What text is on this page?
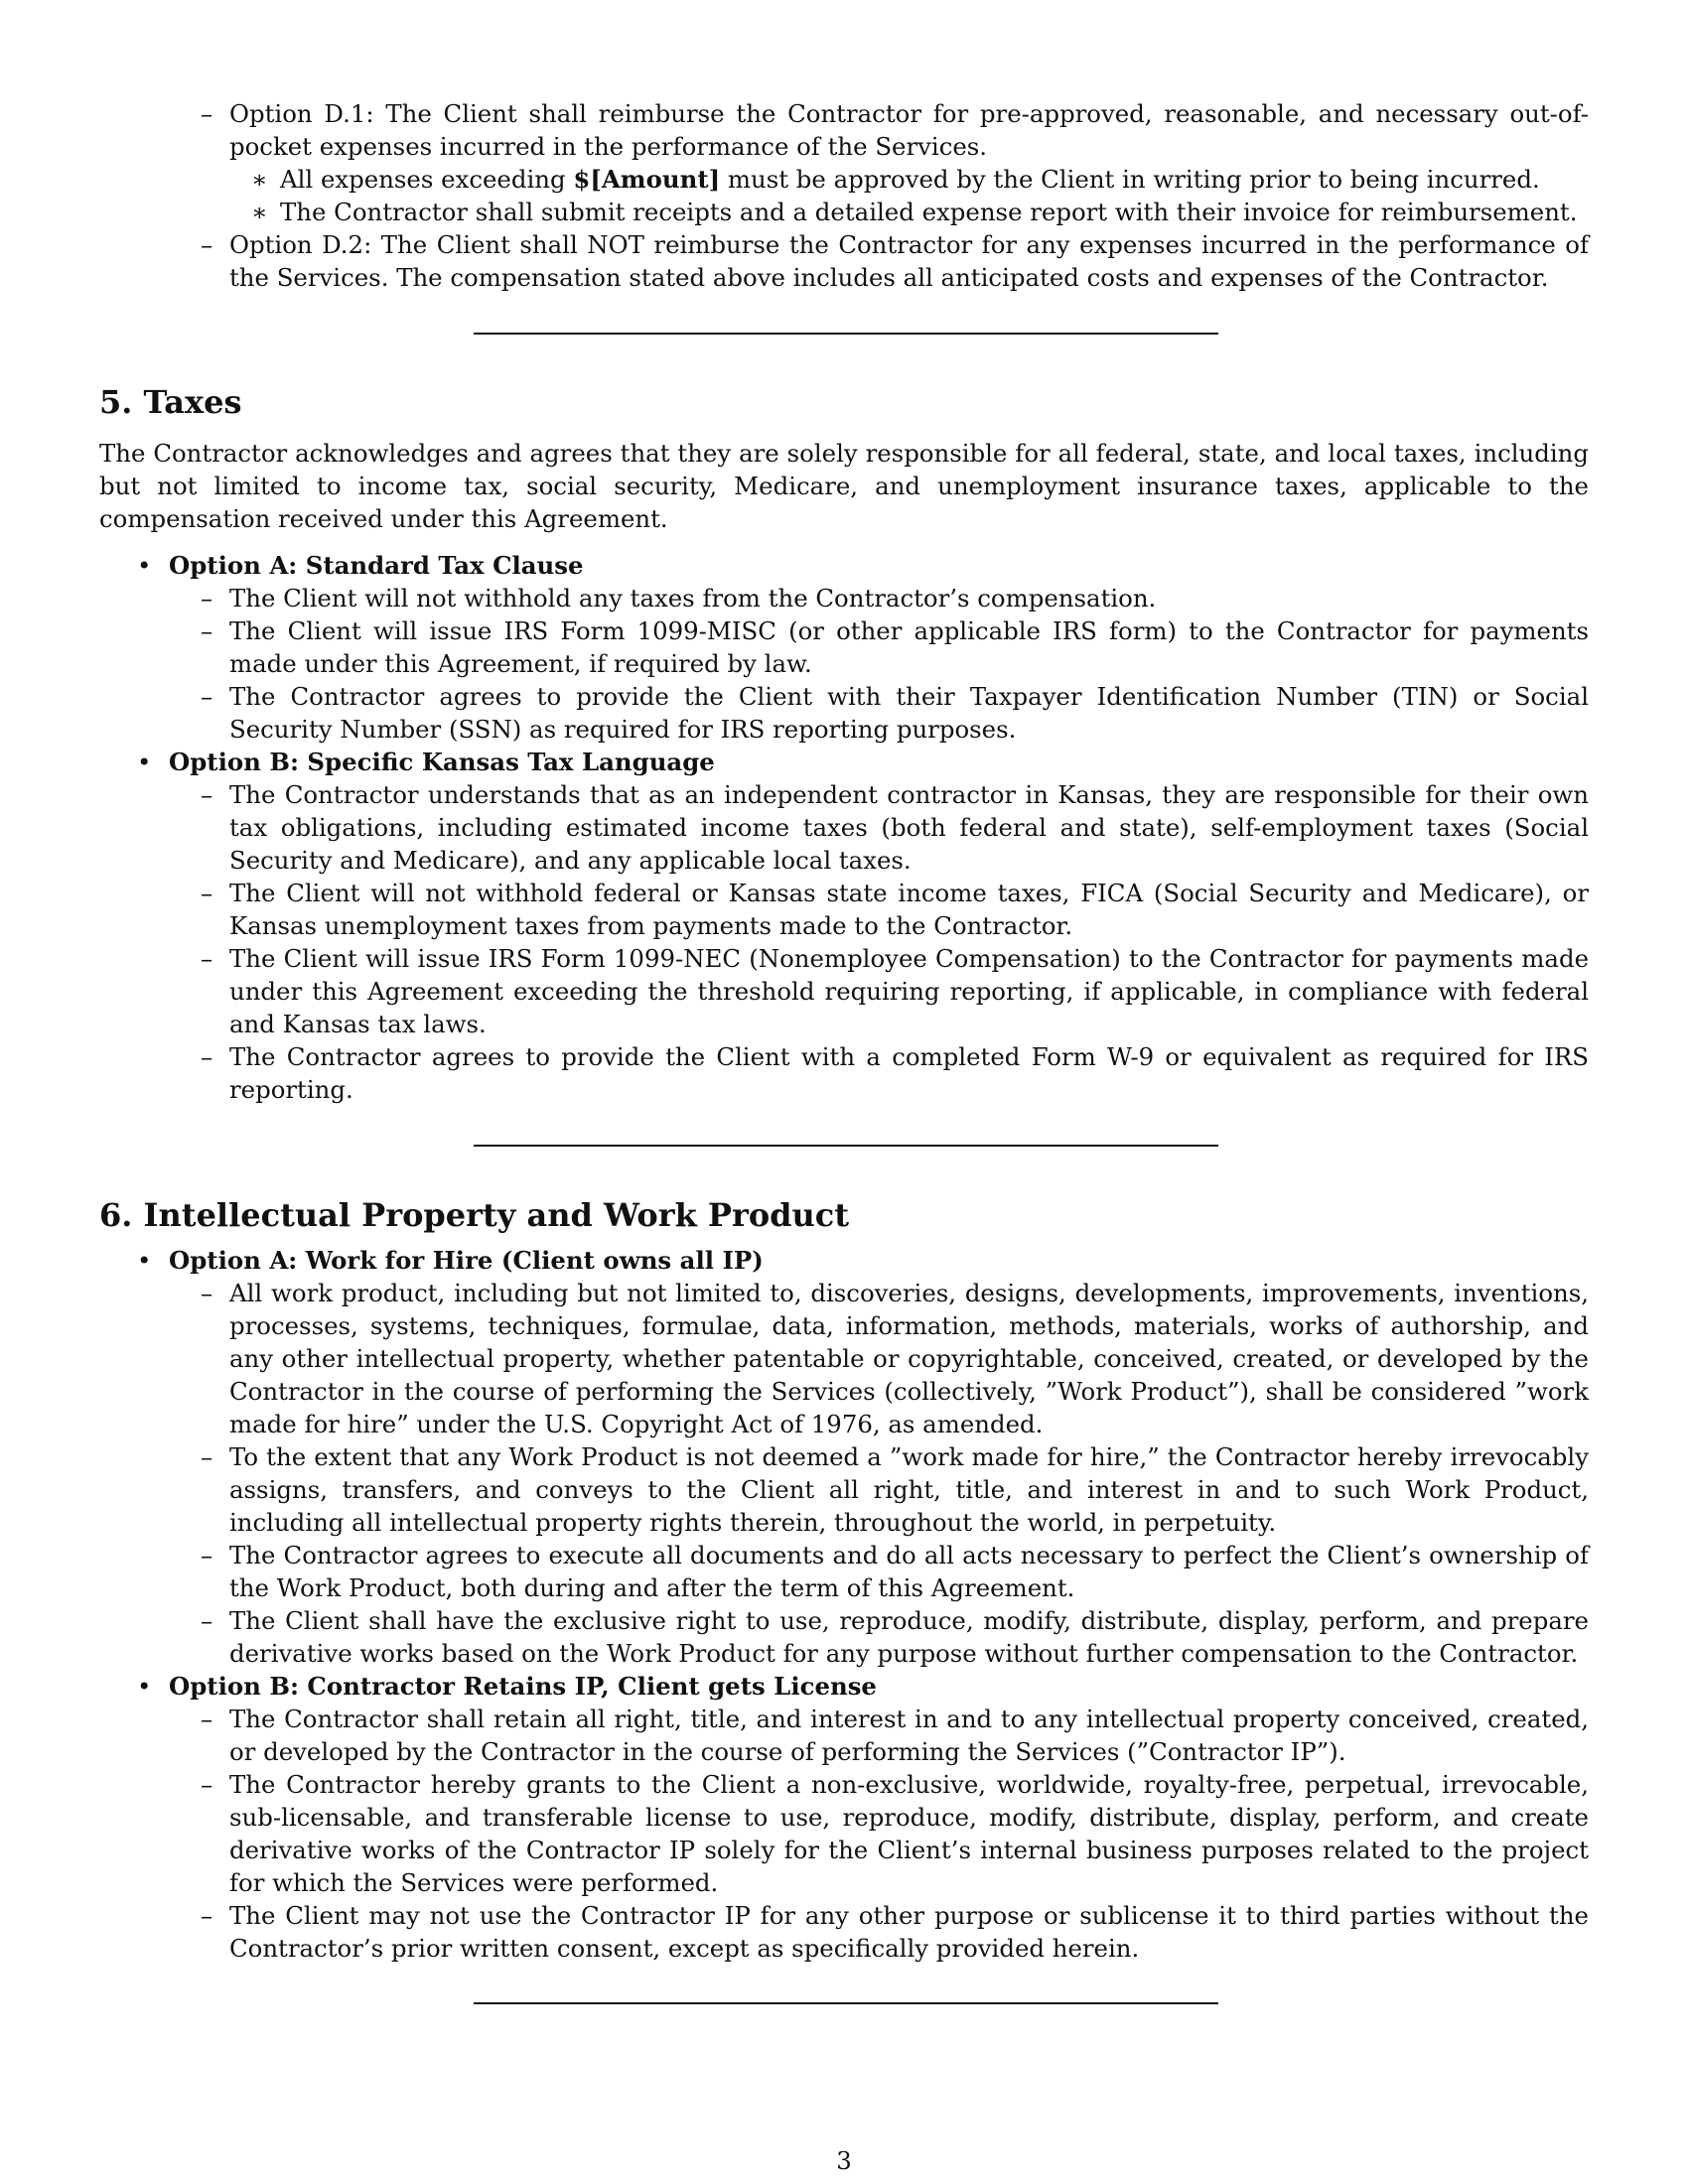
– Option D.1: The Client shall reimburse the Contractor for pre-approved, reasonable, and necessary out-of-pocket expenses incurred in the performance of the Services.
∗ All expenses exceeding $[Amount] must be approved by the Client in writing prior to being incurred.
∗ The Contractor shall submit receipts and a detailed expense report with their invoice for reimbursement.
– Option D.2: The Client shall NOT reimburse the Contractor for any expenses incurred in the performance of the Services. The compensation stated above includes all anticipated costs and expenses of the Contractor.
5. Taxes
The Contractor acknowledges and agrees that they are solely responsible for all federal, state, and local taxes, including but not limited to income tax, social security, Medicare, and unemployment insurance taxes, applicable to the compensation received under this Agreement.
• Option A: Standard Tax Clause
– The Client will not withhold any taxes from the Contractor’s compensation.
– The Client will issue IRS Form 1099-MISC (or other applicable IRS form) to the Contractor for payments made under this Agreement, if required by law.
– The Contractor agrees to provide the Client with their Taxpayer Identification Number (TIN) or Social Security Number (SSN) as required for IRS reporting purposes.
• Option B: Specific Kansas Tax Language
– The Contractor understands that as an independent contractor in Kansas, they are responsible for their own tax obligations, including estimated income taxes (both federal and state), self-employment taxes (Social Security and Medicare), and any applicable local taxes.
– The Client will not withhold federal or Kansas state income taxes, FICA (Social Security and Medicare), or Kansas unemployment taxes from payments made to the Contractor.
– The Client will issue IRS Form 1099-NEC (Nonemployee Compensation) to the Contractor for payments made under this Agreement exceeding the threshold requiring reporting, if applicable, in compliance with federal and Kansas tax laws.
– The Contractor agrees to provide the Client with a completed Form W-9 or equivalent as required for IRS reporting.
6. Intellectual Property and Work Product
• Option A: Work for Hire (Client owns all IP)
– All work product, including but not limited to, discoveries, designs, developments, improvements, inventions, processes, systems, techniques, formulae, data, information, methods, materials, works of authorship, and any other intellectual property, whether patentable or copyrightable, conceived, created, or developed by the Contractor in the course of performing the Services (collectively, ”Work Product”), shall be considered ”work made for hire” under the U.S. Copyright Act of 1976, as amended.
– To the extent that any Work Product is not deemed a ”work made for hire,” the Contractor hereby irrevocably assigns, transfers, and conveys to the Client all right, title, and interest in and to such Work Product, including all intellectual property rights therein, throughout the world, in perpetuity.
– The Contractor agrees to execute all documents and do all acts necessary to perfect the Client’s ownership of the Work Product, both during and after the term of this Agreement.
– The Client shall have the exclusive right to use, reproduce, modify, distribute, display, perform, and prepare derivative works based on the Work Product for any purpose without further compensation to the Contractor.
• Option B: Contractor Retains IP, Client gets License
– The Contractor shall retain all right, title, and interest in and to any intellectual property conceived, created, or developed by the Contractor in the course of performing the Services (”Contractor IP”).
– The Contractor hereby grants to the Client a non-exclusive, worldwide, royalty-free, perpetual, irrevocable, sub-licensable, and transferable license to use, reproduce, modify, distribute, display, perform, and create derivative works of the Contractor IP solely for the Client’s internal business purposes related to the project for which the Services were performed.
– The Client may not use the Contractor IP for any other purpose or sublicense it to third parties without the Contractor’s prior written consent, except as specifically provided herein.
3
